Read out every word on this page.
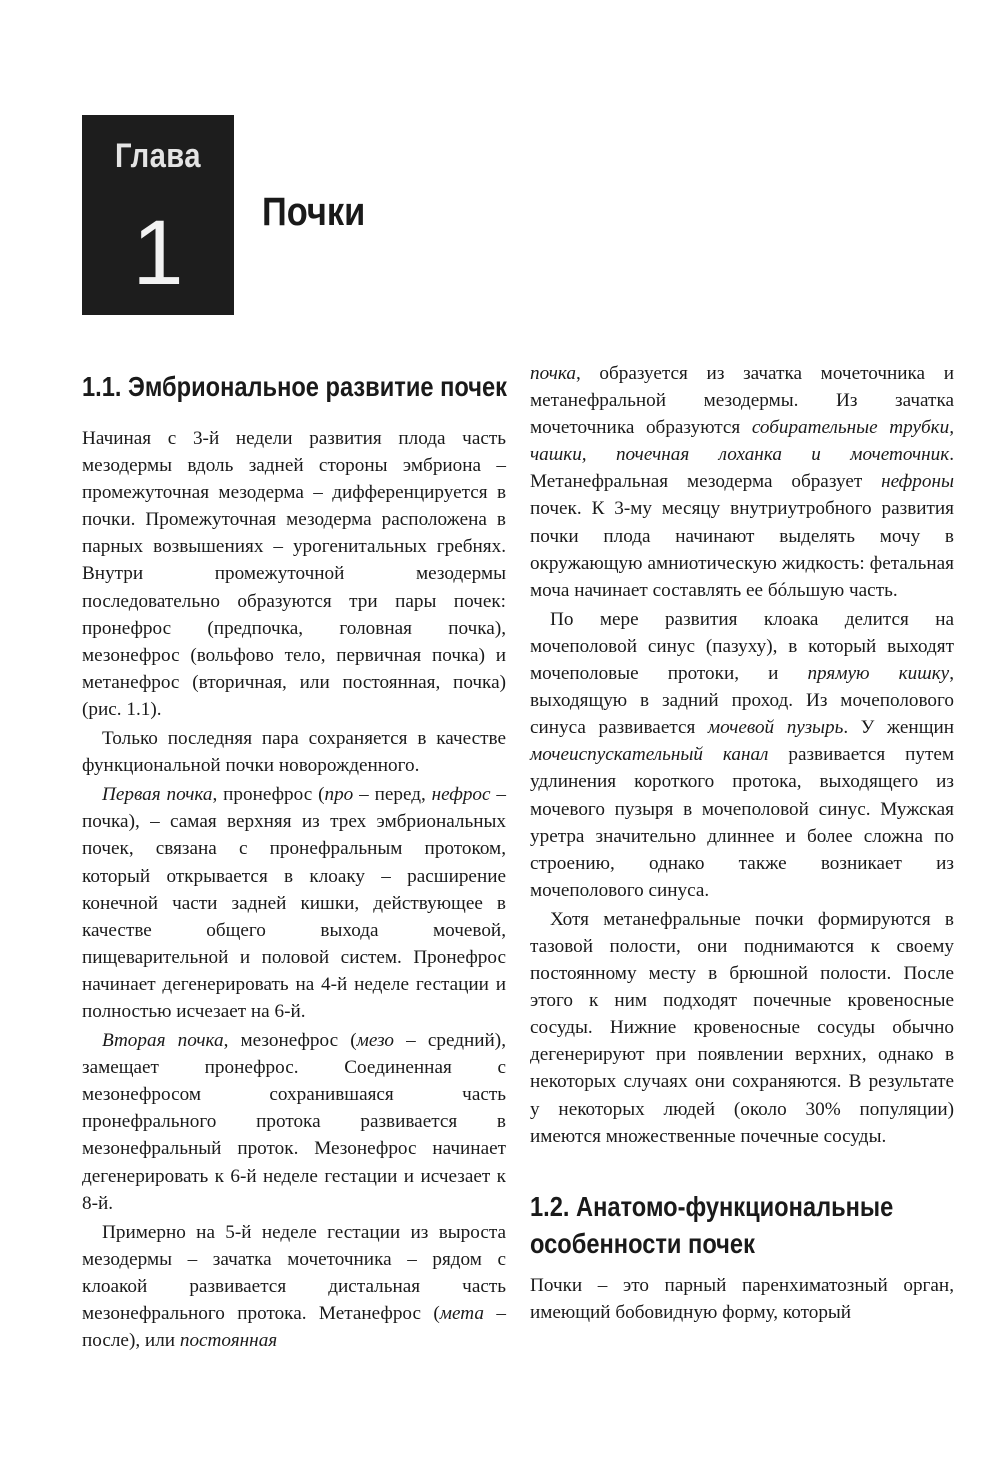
Глава
1	Почки
1.1. Эмбриональное развитие почек

Начиная с 3-й недели развития плода часть мезодермы вдоль задней стороны эмбриона – промежуточная мезодерма – дифференцируется в почки. Промежуточная мезодерма расположена в парных возвышениях – урогенитальных гребнях. Внутри промежуточной мезодермы последовательно образуются три пары почек: пронефрос (предпочка, головная почка), мезонефрос (вольфово тело, первичная почка) и метанефрос (вторичная, или постоянная, почка) (рис. 1.1).

Только последняя пара сохраняется в качестве функциональной почки новорожденного.

Первая почка, пронефрос (про – перед, нефрос – почка), – самая верхняя из трех эмбриональных почек, связана с пронефральным протоком, который открывается в клоаку – расширение конечной части задней кишки, действующее в качестве общего выхода мочевой, пищеварительной и половой систем. Пронефрос начинает дегенерировать на 4-й неделе гестации и полностью исчезает на 6-й.

Вторая почка, мезонефрос (мезо – средний), замещает пронефрос. Соединенная с мезонефросом сохранившаяся часть пронефрального протока развивается в мезонефральный проток. Мезонефрос начинает дегенерировать к 6-й неделе гестации и исчезает к 8-й.

Примерно на 5-й неделе гестации из выроста мезодермы – зачатка мочеточника – рядом с клоакой развивается дистальная часть мезонефрального протока. Метанефрос (мета – после), или постоянная

почка, образуется из зачатка мочеточника и метанефральной мезодермы. Из зачатка мочеточника образуются собирательные трубки, чашки, почечная лоханка и мочеточник. Метанефральная мезодерма образует нефроны почек. К 3-му месяцу внутриутробного развития почки плода начинают выделять мочу в окружающую амниотическую жидкость: фетальная моча начинает составлять ее бóльшую часть.

По мере развития клоака делится на мочеполовой синус (пазуху), в который выходят мочеполовые протоки, и прямую кишку, выходящую в задний проход. Из мочеполового синуса развивается мочевой пузырь. У женщин мочеиспускательный канал развивается путем удлинения короткого протока, выходящего из мочевого пузыря в мочеполовой синус. Мужская уретра значительно длиннее и более сложна по строению, однако также возникает из мочеполового синуса.

Хотя метанефральные почки формируются в тазовой полости, они поднимаются к своему постоянному месту в брюшной полости. После этого к ним подходят почечные кровеносные сосуды. Нижние кровеносные сосуды обычно дегенерируют при появлении верхних, однако в некоторых случаях они сохраняются. В результате у некоторых людей (около 30% популяции) имеются множественные почечные сосуды.

1.2. Анатомо-функциональные
особенности почек

Почки – это парный паренхиматозный орган, имеющий бобовидную форму, который
